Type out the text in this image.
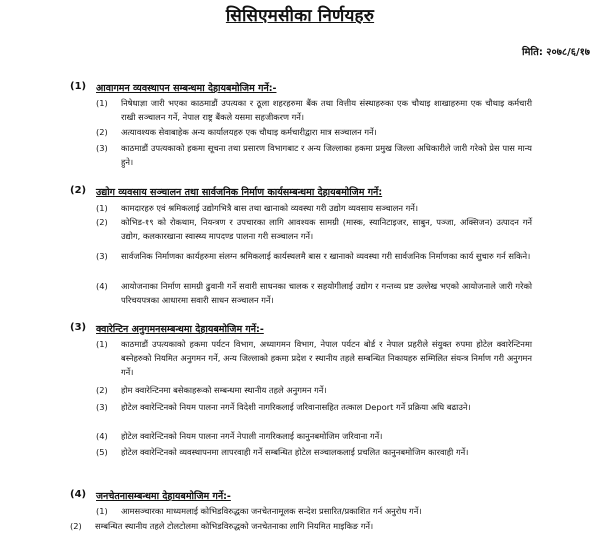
सिसिएमसीका निर्णयहरु
मिति: २०७८/६/१७
(1) आवागमन व्यवस्थापन सम्बन्धमा देहायबमोजिम गर्ने:-
(1) निषेधाज्ञा जारी भएका काठमाडौं उपत्यका र ठूला शहरहरुमा बैंक तथा वित्तीय संस्थाहरुका एक चौथाइ शाखाहरुमा एक चौथाइ कर्मचारी राखी सञ्चालन गर्ने, नेपाल राष्ट्र बैंकले यसमा सहजीकरण गर्ने।
(2) अत्यावश्यक सेवाबाहेक अन्य कार्यालयहरु एक चौथाइ कर्मचारीद्वारा मात्र सञ्चालन गर्ने।
(3) काठमाडौं उपत्यकाको हकमा सूचना तथा प्रसारण विभागबाट र अन्य जिल्लाका हकमा प्रमुख जिल्ला अधिकारीले जारी गरेको प्रेस पास मान्य हुने।
(2) उद्योग व्यवसाय सञ्चालन तथा सार्वजनिक निर्माण कार्यसम्बन्धमा देहायबमोजिम गर्ने:
(1) कामदारहरु एवं श्रमिकलाई उद्योगभित्रै बास तथा खानाको व्यवस्था गरी उद्योग व्यवसाय सञ्चालन गर्ने।
(2) कोभिड-१९ को रोकथाम, नियन्त्रण र उपचारका लागि आवश्यक सामग्री (मास्क, स्यानिटाइजर, साबुन, पञ्जा, अक्सिजन) उत्पादन गर्ने उद्योग, कलकारखाना स्वास्थ्य मापदण्ड पालना गरी सञ्चालन गर्ने।
(3) सार्वजनिक निर्माणका कार्यहरुमा संलग्न श्रमिकलाई कार्यस्थलमै बास र खानाको व्यवस्था गरी सार्वजनिक निर्माणका कार्य सुचारु गर्न सकिने।
(4) आयोजनाका निर्माण सामग्री ढुवानी गर्ने सवारी साधनका चालक र सहयोगीलाई उद्योग र गन्तव्य प्रष्ट उल्लेख भएको आयोजनाले जारी गरेको परिचयपत्रका आधारमा सवारी साधन सञ्चालन गर्ने।
(3) क्वारेन्टिन अनुगमनसम्बन्धमा देहायबमोजिम गर्ने:-
(1) काठमाडौं उपत्यकाको हकमा पर्यटन विभाग, अध्यागमन विभाग, नेपाल पर्यटन बोर्ड र नेपाल प्रहरीले संयुक्त रुपमा होटेल क्वारेन्टिनमा बस्नेहरुको नियमित अनुगमन गर्ने, अन्य जिल्लाको हकमा प्रदेश र स्थानीय तहले सम्बन्धित निकायहरु सम्मिलित संयन्त्र निर्माण गरी अनुगमन गर्ने।
(2) होम क्वारेन्टिनमा बसेकाहरूको सम्बन्धमा स्थानीय तहले अनुगमन गर्ने।
(3) होटेल क्वारेन्टिनको नियम पालना नगर्ने विदेशी नागरिकलाई जरिवानासहित तत्काल Deport गर्ने प्रक्रिया अघि बढाउने।
(4) होटेल क्वारेन्टिनको नियम पालना नगर्ने नेपाली नागरिकलाई कानुनबमोजिम जरिवाना गर्ने।
(5) होटेल क्वारेन्टिनको व्यवस्थापनमा लापरवाही गर्ने सम्बन्धित होटेल सञ्चालकलाई प्रचलित कानुनबमोजिम कारवाही गर्ने।
(4) जनचेतनासम्बन्धमा देहायबमोजिम गर्ने:-
(1) आमसञ्चारका माध्यमलाई कोभिडविरुद्धका जनचेतनामूलक सन्देश प्रसारित/प्रकाशित गर्न अनुरोध गर्ने।
(2) सम्बन्धित स्थानीय तहले टोलटोलमा कोभिडविरुद्धको जनचेतनाका लागि नियमित माइकिङ गर्ने।
